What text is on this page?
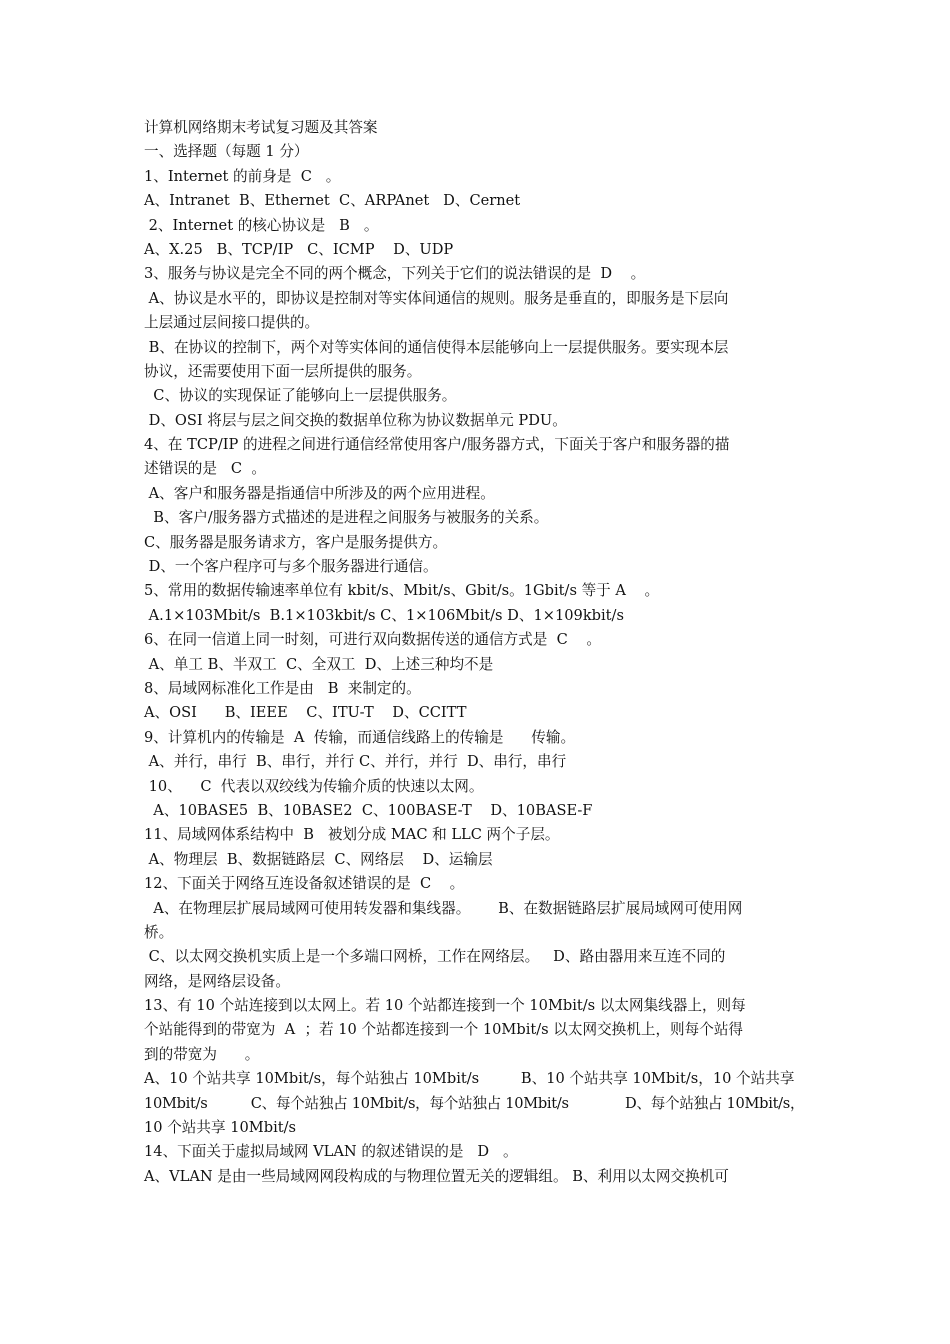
计算机网络期末考试复习题及其答案
一、选择题（每题 1 分）
1、Internet 的前身是  C   。
A、Intranet  B、Ethernet  C、ARPAnet   D、Cernet
2、Internet 的核心协议是   B   。
A、X.25   B、TCP/IP   C、ICMP    D、UDP
3、服务与协议是完全不同的两个概念，下列关于它们的说法错误的是  D    。
A、协议是水平的，即协议是控制对等实体间通信的规则。服务是垂直的，即服务是下层向
上层通过层间接口提供的。
B、在协议的控制下，两个对等实体间的通信使得本层能够向上一层提供服务。要实现本层
协议，还需要使用下面一层所提供的服务。
C、协议的实现保证了能够向上一层提供服务。
D、OSI 将层与层之间交换的数据单位称为协议数据单元 PDU。
4、在 TCP/IP 的进程之间进行通信经常使用客户/服务器方式，下面关于客户和服务器的描
述错误的是   C  。
A、客户和服务器是指通信中所涉及的两个应用进程。
B、客户/服务器方式描述的是进程之间服务与被服务的关系。
C、服务器是服务请求方，客户是服务提供方。
D、一个客户程序可与多个服务器进行通信。
5、常用的数据传输速率单位有 kbit/s、Mbit/s、Gbit/s。1Gbit/s 等于 A    。
A.1×103Mbit/s  B.1×103kbit/s C、1×106Mbit/s D、1×109kbit/s
6、在同一信道上同一时刻，可进行双向数据传送的通信方式是  C    。
A、单工 B、半双工  C、全双工  D、上述三种均不是
8、局域网标准化工作是由   B  来制定的。
A、OSI      B、IEEE    C、ITU-T    D、CCITT
9、计算机内的传输是  A  传输，而通信线路上的传输是      传输。
A、并行，串行  B、串行，并行 C、并行，并行  D、串行，串行
10、    C  代表以双绞线为传输介质的快速以太网。
A、10BASE5  B、10BASE2  C、100BASE-T    D、10BASE-F
11、局域网体系结构中  B   被划分成 MAC 和 LLC 两个子层。
A、物理层  B、数据链路层  C、网络层    D、运输层
12、下面关于网络互连设备叙述错误的是  C    。
A、在物理层扩展局域网可使用转发器和集线器。      B、在数据链路层扩展局域网可使用网
桥。
C、以太网交换机实质上是一个多端口网桥，工作在网络层。   D、路由器用来互连不同的
网络，是网络层设备。
13、有 10 个站连接到以太网上。若 10 个站都连接到一个 10Mbit/s 以太网集线器上，则每
个站能得到的带宽为  A  ；若 10 个站都连接到一个 10Mbit/s 以太网交换机上，则每个站得
到的带宽为      。
A、10 个站共享 10Mbit/s，每个站独占 10Mbit/s         B、10 个站共享 10Mbit/s，10 个站共享
10Mbit/s          C、每个站独占 10Mbit/s，每个站独占 10Mbit/s             D、每个站独占 10Mbit/s，
10 个站共享 10Mbit/s
14、下面关于虚拟局域网 VLAN 的叙述错误的是   D   。
A、VLAN 是由一些局域网网段构成的与物理位置无关的逻辑组。 B、利用以太网交换机可
